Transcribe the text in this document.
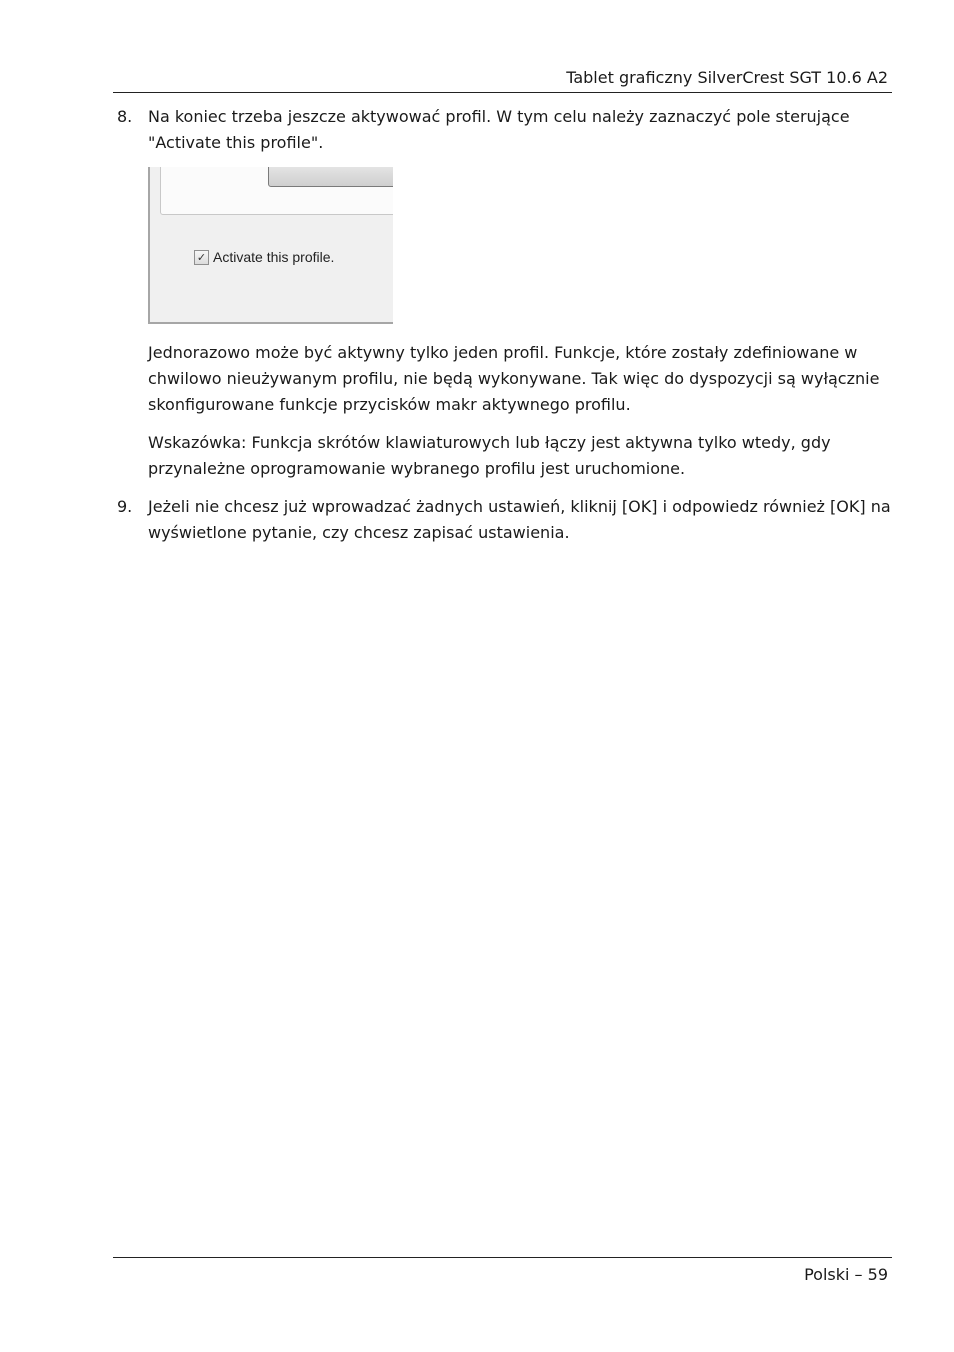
Tablet graficzny SilverCrest SGT 10.6 A2
8. Na koniec trzeba jeszcze aktywować profil. W tym celu należy zaznaczyć pole sterujące "Activate this profile".

✓ Activate this profile.

Jednorazowo może być aktywny tylko jeden profil. Funkcje, które zostały zdefiniowane w chwilowo nieużywanym profilu, nie będą wykonywane. Tak więc do dyspozycji są wyłącznie skonfigurowane funkcje przycisków makr aktywnego profilu.

Wskazówka: Funkcja skrótów klawiaturowych lub łączy jest aktywna tylko wtedy, gdy przynależne oprogramowanie wybranego profilu jest uruchomione.

9. Jeżeli nie chcesz już wprowadzać żadnych ustawień, kliknij [OK] i odpowiedz również [OK] na wyświetlone pytanie, czy chcesz zapisać ustawienia.

Polski – 59
